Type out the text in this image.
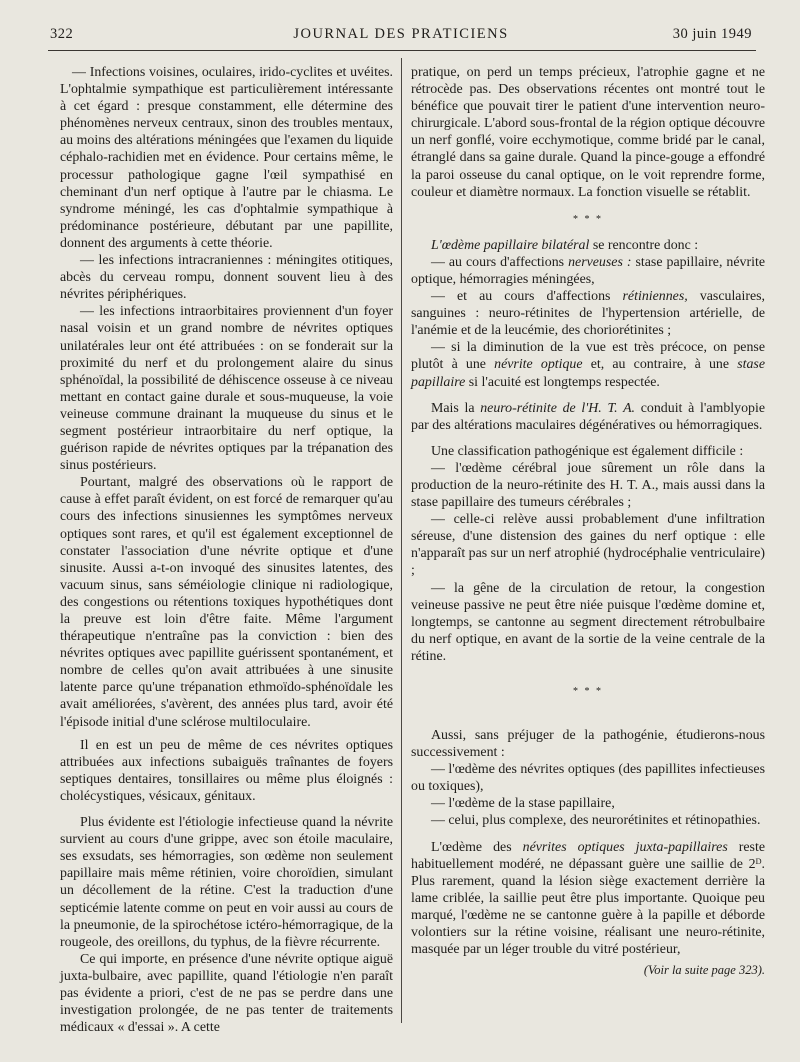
322	JOURNAL DES PRATICIENS	30 juin 1949

— Infections voisines, oculaires, irido-cyclites et uvéites. L'ophtalmie sympathique est particulièrement intéressante à cet égard : presque constamment, elle détermine des phénomènes nerveux centraux, sinon des troubles mentaux, au moins des altérations méningées que l'examen du liquide céphalo-rachidien met en évidence. Pour certains même, le processur pathologique gagne l'œil sympathisé en cheminant d'un nerf optique à l'autre par le chiasma. Le syndrome méningé, les cas d'ophtalmie sympathique à prédominance postérieure, débutant par une papillite, donnent des arguments à cette théorie.

— les infections intracraniennes : méningites otitiques, abcès du cerveau rompu, donnent souvent lieu à des névrites périphériques.

— les infections intraorbitaires proviennent d'un foyer nasal voisin et un grand nombre de névrites optiques unilatérales leur ont été attribuées : on se fonderait sur la proximité du nerf et du prolongement alaire du sinus sphénoïdal, la possibilité de déhiscence osseuse à ce niveau mettant en contact gaine durale et sous-muqueuse, la voie veineuse commune drainant la muqueuse du sinus et le segment postérieur intraorbitaire du nerf optique, la guérison rapide de névrites optiques par la trépanation des sinus postérieurs.

Pourtant, malgré des observations où le rapport de cause à effet paraît évident, on est forcé de remarquer qu'au cours des infections sinusiennes les symptômes nerveux optiques sont rares, et qu'il est également exceptionnel de constater l'association d'une névrite optique et d'une sinusite. Aussi a-t-on invoqué des sinusites latentes, des vacuum sinus, sans séméiologie clinique ni radiologique, des congestions ou rétentions toxiques hypothétiques dont la preuve est loin d'être faite. Même l'argument thérapeutique n'entraîne pas la conviction : bien des névrites optiques avec papillite guérissent spontanément, et nombre de celles qu'on avait attribuées à une sinusite latente parce qu'une trépanation ethmoïdo-sphénoïdale les avait améliorées, s'avèrent, des années plus tard, avoir été l'épisode initial d'une sclérose multiloculaire.

Il en est un peu de même de ces névrites optiques attribuées aux infections subaiguës traînantes de foyers septiques dentaires, tonsillaires ou même plus éloignés : cholécystiques, vésicaux, génitaux.

Plus évidente est l'étiologie infectieuse quand la névrite survient au cours d'une grippe, avec son étoile maculaire, ses exsudats, ses hémorragies, son œdème non seulement papillaire mais même rétinien, voire choroïdien, simulant un décollement de la rétine. C'est la traduction d'une septicémie latente comme on peut en voir aussi au cours de la pneumonie, de la spirochétose ictéro-hémorragique, de la rougeole, des oreillons, du typhus, de la fièvre récurrente.

Ce qui importe, en présence d'une névrite optique aiguë juxta-bulbaire, avec papillite, quand l'étiologie n'en paraît pas évidente a priori, c'est de ne pas se perdre dans une investigation prolongée, de ne pas tenter de traitements médicaux « d'essai ». A cette

pratique, on perd un temps précieux, l'atrophie gagne et ne rétrocède pas. Des observations récentes ont montré tout le bénéfice que pouvait tirer le patient d'une intervention neuro-chirurgicale. L'abord sous-frontal de la région optique découvre un nerf gonflé, voire ecchymotique, comme bridé par le canal, étranglé dans sa gaine durale. Quand la pince-gouge a effondré la paroi osseuse du canal optique, on le voit reprendre forme, couleur et diamètre normaux. La fonction visuelle se rétablit.

* * *

L'œdème papillaire bilatéral se rencontre donc :

— au cours d'affections nerveuses : stase papillaire, névrite optique, hémorragies méningées,

— et au cours d'affections rétiniennes, vasculaires, sanguines : neuro-rétinites de l'hypertension artérielle, de l'anémie et de la leucémie, des choriorétinites ;

— si la diminution de la vue est très précoce, on pense plutôt à une névrite optique et, au contraire, à une stase papillaire si l'acuité est longtemps respectée.

Mais la neuro-rétinite de l'H. T. A. conduit à l'amblyopie par des altérations maculaires dégénératives ou hémorragiques.

Une classification pathogénique est également difficile :

— l'œdème cérébral joue sûrement un rôle dans la production de la neuro-rétinite des H. T. A., mais aussi dans la stase papillaire des tumeurs cérébrales ;

— celle-ci relève aussi probablement d'une infiltration séreuse, d'une distension des gaines du nerf optique : elle n'apparaît pas sur un nerf atrophié (hydrocéphalie ventriculaire) ;

— la gêne de la circulation de retour, la congestion veineuse passive ne peut être niée puisque l'œdème domine et, longtemps, se cantonne au segment directement rétrobulbaire du nerf optique, en avant de la sortie de la veine centrale de la rétine.

* * *

Aussi, sans préjuger de la pathogénie, étudierons-nous successivement :

— l'œdème des névrites optiques (des papillites infectieuses ou toxiques),

— l'œdème de la stase papillaire,

— celui, plus complexe, des neurorétinites et rétinopathies.

L'œdème des névrites optiques juxta-papillaires reste habituellement modéré, ne dépassant guère une saillie de 2ᴰ. Plus rarement, quand la lésion siège exactement derrière la lame criblée, la saillie peut être plus importante. Quoique peu marqué, l'œdème ne se cantonne guère à la papille et déborde volontiers sur la rétine voisine, réalisant une neuro-rétinite, masquée par un léger trouble du vitré postérieur,

(Voir la suite page 323).
